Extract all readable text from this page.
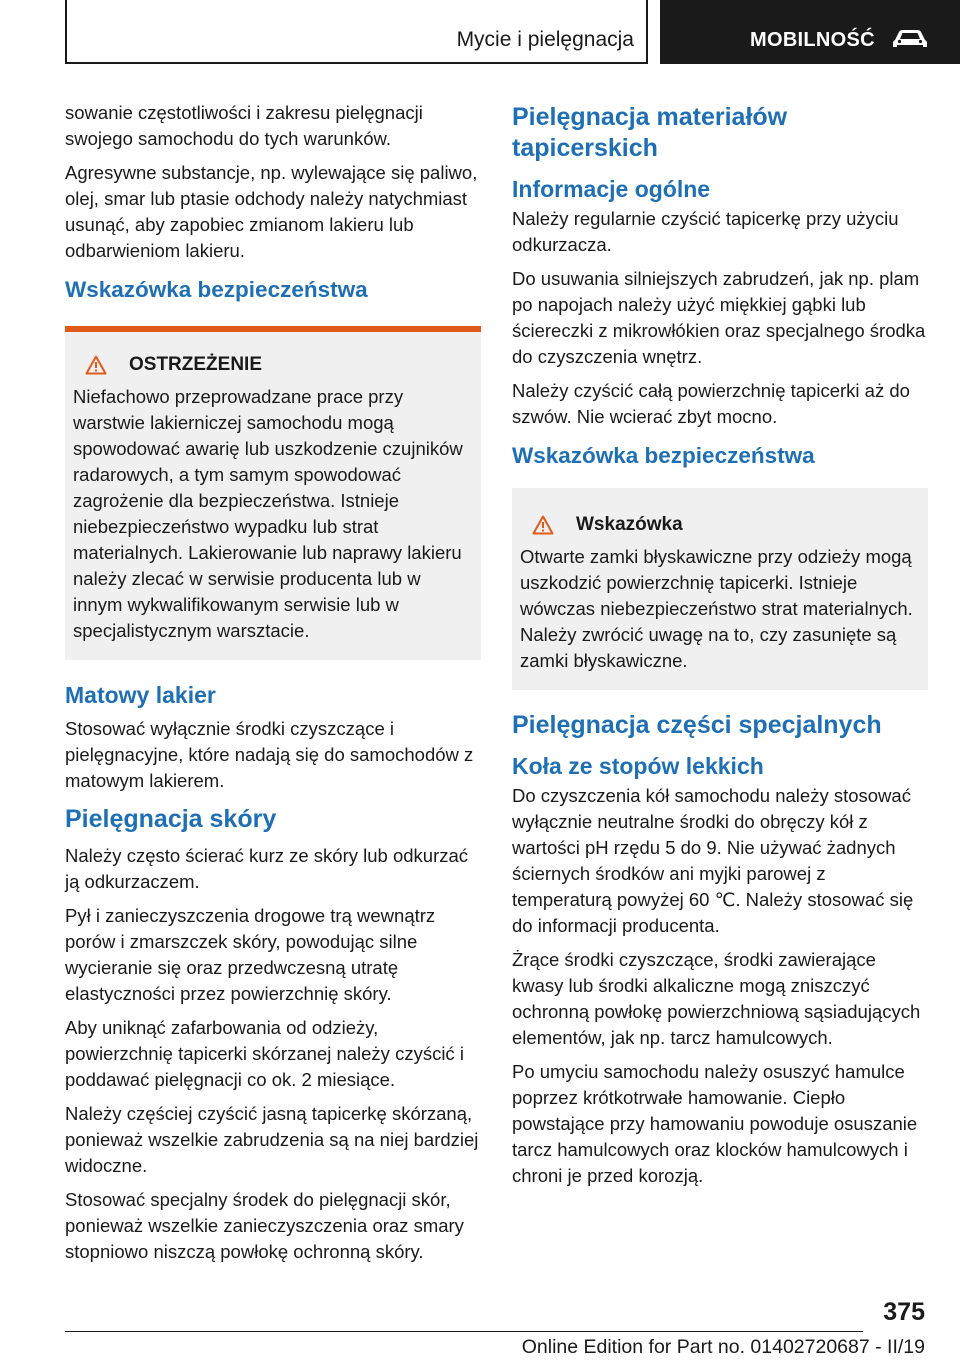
Mycie i pielęgnacja	MOBILNOŚĆ

sowanie częstotliwości i zakresu pielęgnacji swojego samochodu do tych warunków.

Agresywne substancje, np. wylewające się paliwo, olej, smar lub ptasie odchody należy natychmiast usunąć, aby zapobiec zmianom lakieru lub odbarwieniom lakieru.

Wskazówka bezpieczeństwa
OSTRZEŻENIE

Niefachowo przeprowadzane prace przy warstwie lakierniczej samochodu mogą spowodować awarię lub uszkodzenie czujników radarowych, a tym samym spowodować zagrożenie dla bezpieczeństwa. Istnieje niebezpieczeństwo wypadku lub strat materialnych. Lakierowanie lub naprawy lakieru należy zlecać w serwisie producenta lub w innym wykwalifikowanym serwisie lub w specjalistycznym warsztacie.

Matowy lakier

Stosować wyłącznie środki czyszczące i pielęgnacyjne, które nadają się do samochodów z matowym lakierem.

Pielęgnacja skóry

Należy często ścierać kurz ze skóry lub odkurzać ją odkurzaczem.

Pył i zanieczyszczenia drogowe trą wewnątrz porów i zmarszczek skóry, powodując silne wycieranie się oraz przedwczesną utratę elastyczności przez powierzchnię skóry.

Aby uniknąć zafarbowania od odzieży, powierzchnię tapicerki skórzanej należy czyścić i poddawać pielęgnacji co ok. 2 miesiące.

Należy częściej czyścić jasną tapicerkę skórzaną, ponieważ wszelkie zabrudzenia są na niej bardziej widoczne.

Stosować specjalny środek do pielęgnacji skór, ponieważ wszelkie zanieczyszczenia oraz smary stopniowo niszczą powłokę ochronną skóry.

Pielęgnacja materiałów tapicerskich
Informacje ogólne

Należy regularnie czyścić tapicerkę przy użyciu odkurzacza.

Do usuwania silniejszych zabrudzeń, jak np. plam po napojach należy użyć miękkiej gąbki lub ściereczki z mikrowłókien oraz specjalnego środka do czyszczenia wnętrz.

Należy czyścić całą powierzchnię tapicerki aż do szwów. Nie wcierać zbyt mocno.

Wskazówka bezpieczeństwa
Wskazówka

Otwarte zamki błyskawiczne przy odzieży mogą uszkodzić powierzchnię tapicerki. Istnieje wówczas niebezpieczeństwo strat materialnych. Należy zwrócić uwagę na to, czy zasunięte są zamki błyskawiczne.

Pielęgnacja części specjalnych
Koła ze stopów lekkich

Do czyszczenia kół samochodu należy stosować wyłącznie neutralne środki do obręczy kół z wartości pH rzędu 5 do 9. Nie używać żadnych ściernych środków ani myjki parowej z temperaturą powyżej 60 ℃. Należy stosować się do informacji producenta.

Żrące środki czyszczące, środki zawierające kwasy lub środki alkaliczne mogą zniszczyć ochronną powłokę powierzchniową sąsiadujących elementów, jak np. tarcz hamulcowych.

Po umyciu samochodu należy osuszyć hamulce poprzez krótkotrwałe hamowanie. Ciepło powstające przy hamowaniu powoduje osuszanie tarcz hamulcowych oraz klocków hamulcowych i chroni je przed korozją.

375
Online Edition for Part no. 01402720687 - II/19
